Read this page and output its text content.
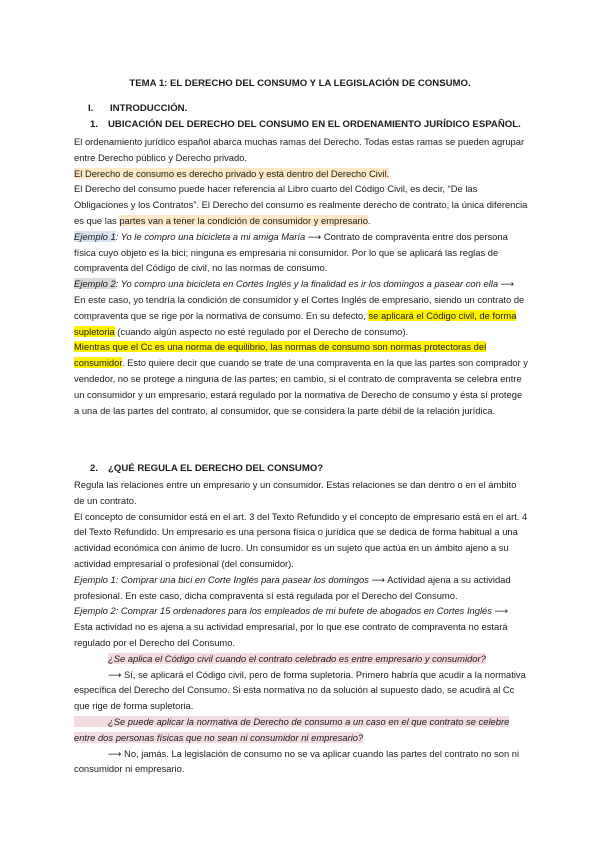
TEMA 1: EL DERECHO DEL CONSUMO Y LA LEGISLACIÓN DE CONSUMO.
I. INTRODUCCIÓN.
1. UBICACIÓN DEL DERECHO DEL CONSUMO EN EL ORDENAMIENTO JURÍDICO ESPAÑOL.

El ordenamiento jurídico español abarca muchas ramas del Derecho. Todas estas ramas se pueden agrupar entre Derecho público y Derecho privado.

El Derecho de consumo es derecho privado y está dentro del Derecho Civil.

El Derecho del consumo puede hacer referencia al Libro cuarto del Código Civil, es decir, “De las Obligaciones y los Contratos”. El Derecho del consumo es realmente derecho de contrato, la única diferencia es que las partes van a tener la condición de consumidor y empresario.

Ejemplo 1: Yo le compro una bicicleta a mi amiga María ⟶ Contrato de compraventa entre dos persona física cuyo objeto es la bici; ninguna es empresaria ni consumidor. Por lo que se aplicará las reglas de compraventa del Código de civil, no las normas de consumo.

Ejemplo 2: Yo compro una bicicleta en Cortes Inglés y la finalidad es ir los domingos a pasear con ella ⟶ En este caso, yo tendría la condición de consumidor y el Cortes Inglés de empresario, siendo un contrato de compraventa que se rige por la normativa de consumo. En su defecto, se aplicará el Código civil, de forma supletoria (cuando algún aspecto no esté regulado por el Derecho de consumo).

Mientras que el Cc es una norma de equilibrio, las normas de consumo son normas protectoras del consumidor. Esto quiere decir que cuando se trate de una compraventa en la que las partes son comprador y vendedor, no se protege a ninguna de las partes; en cambio, si el contrato de compraventa se celebra entre un consumidor y un empresario, estará regulado por la normativa de Derecho de consumo y ésta sí protege a una de las partes del contrato, al consumidor, que se considera la parte débil de la relación jurídica.

2. ¿QUÉ REGULA EL DERECHO DEL CONSUMO?

Regula las relaciones entre un empresario y un consumidor. Estas relaciones se dan dentro o en el ámbito de un contrato.

El concepto de consumidor está en el art. 3 del Texto Refundido y el concepto de empresario está en el art. 4 del Texto Refundido. Un empresario es una persona física o jurídica que se dedica de forma habitual a una actividad económica con ánimo de lucro. Un consumidor es un sujeto que actúa en un ámbito ajeno a su actividad empresarial o profesional (del consumidor).

Ejemplo 1: Comprar una bici en Corte Inglés para pasear los domingos ⟶ Actividad ajena a su actividad profesional. En este caso, dicha compraventa sí está regulada por el Derecho del Consumo.

Ejemplo 2: Comprar 15 ordenadores para los empleados de mi bufete de abogados en Cortes Inglés ⟶ Esta actividad no es ajena a su actividad empresarial, por lo que ese contrato de compraventa no estará regulado por el Derecho del Consumo.

¿Se aplica el Código civil cuando el contrato celebrado es entre empresario y consumidor?

⟶ Sí, se aplicará el Código civil, pero de forma supletoria. Primero habría que acudir a la normativa específica del Derecho del Consumo. Si esta normativa no da solución al supuesto dado, se acudirá al Cc que rige de forma supletoria.

¿Se puede aplicar la normativa de Derecho de consumo a un caso en el que contrato se celebre entre dos personas físicas que no sean ni consumidor ni empresario?

⟶ No, jamás. La legislación de consumo no se va aplicar cuando las partes del contrato no son ni consumidor ni empresario.
